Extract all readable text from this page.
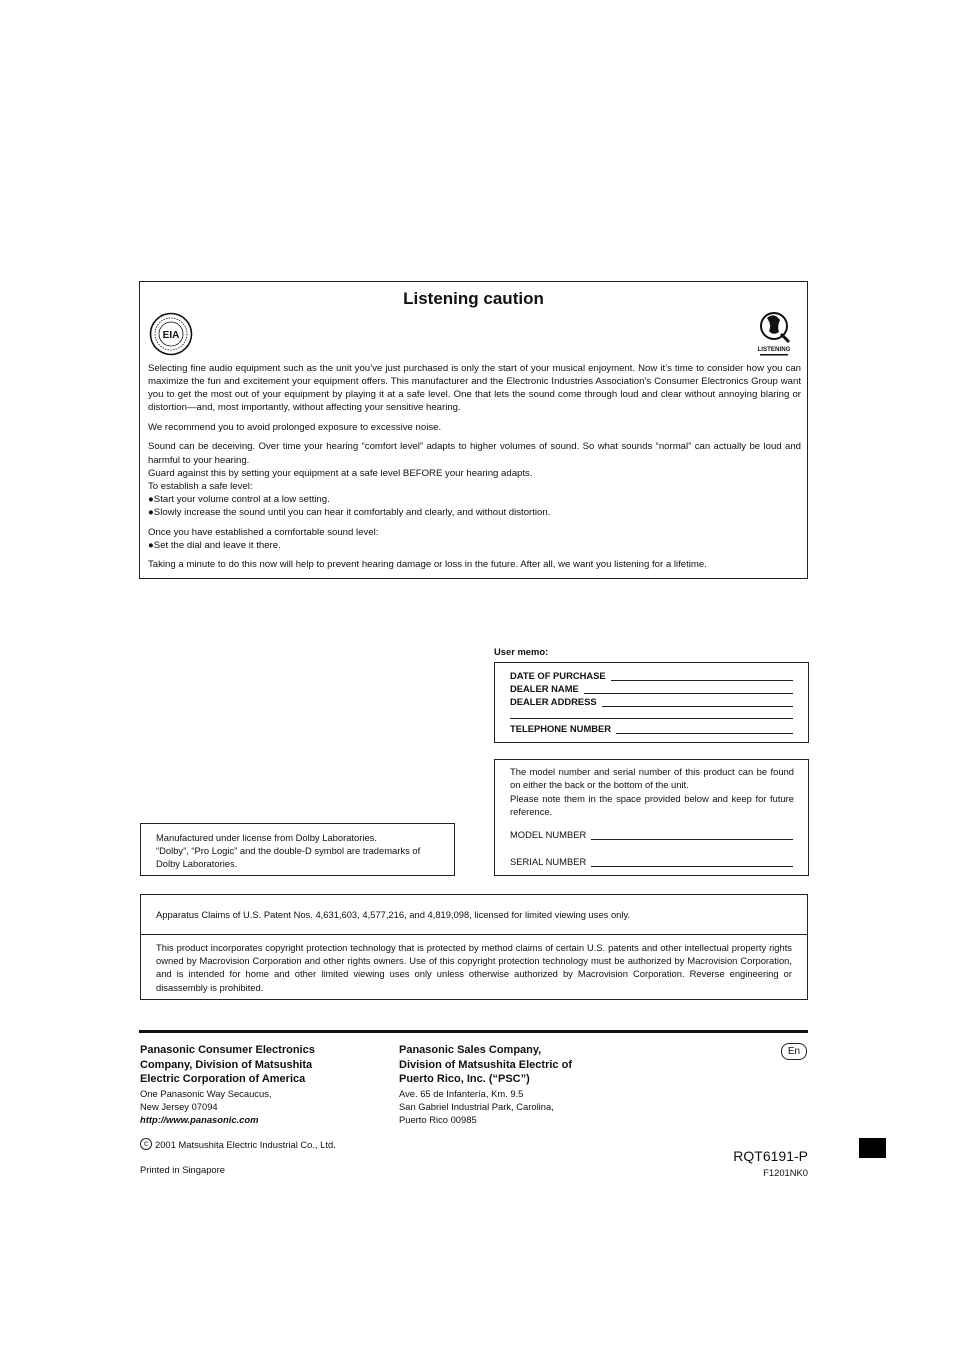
Listening caution
EIA
LISTENING

Selecting fine audio equipment such as the unit you’ve just purchased is only the start of your musical enjoyment. Now it’s time to consider how you can maximize the fun and excitement your equipment offers. This manufacturer and the Electronic Industries Association’s Consumer Electronics Group want you to get the most out of your equipment by playing it at a safe level. One that lets the sound come through loud and clear without annoying blaring or distortion—and, most importantly, without affecting your sensitive hearing.

We recommend you to avoid prolonged exposure to excessive noise.

Sound can be deceiving. Over time your hearing “comfort level” adapts to higher volumes of sound. So what sounds “normal” can actually be loud and harmful to your hearing.

Guard against this by setting your equipment at a safe level BEFORE your hearing adapts.

To establish a safe level:

●Start your volume control at a low setting.

●Slowly increase the sound until you can hear it comfortably and clearly, and without distortion.

Once you have established a comfortable sound level:

●Set the dial and leave it there.

Taking a minute to do this now will help to prevent hearing damage or loss in the future. After all, we want you listening for a lifetime.

User memo:
DATE OF PURCHASE
DEALER NAME
DEALER ADDRESS
TELEPHONE NUMBER

The model number and serial number of this product can be found on either the back or the bottom of the unit.

Please note them in the space provided below and keep for future reference.

MODEL NUMBER
SERIAL NUMBER

Manufactured under license from Dolby Laboratories.

“Dolby”, “Pro Logic” and the double-D symbol are trademarks of Dolby Laboratories.

Apparatus Claims of U.S. Patent Nos. 4,631,603, 4,577,216, and 4,819,098, licensed for limited viewing uses only.
This product incorporates copyright protection technology that is protected by method claims of certain U.S. patents and other intellectual property rights owned by Macrovision Corporation and other rights owners. Use of this copyright protection technology must be authorized by Macrovision Corporation, and is intended for home and other limited viewing uses only unless otherwise authorized by Macrovision Corporation. Reverse engineering or disassembly is prohibited.
Panasonic Consumer Electronics
Company, Division of Matsushita
Electric Corporation of America
One Panasonic Way Secaucus,
New Jersey 07094
http://www.panasonic.com
Panasonic Sales Company,
Division of Matsushita Electric of
Puerto Rico, Inc. (“PSC”)
Ave. 65 de Infantería, Km. 9.5
San Gabriel Industrial Park, Carolina,
Puerto Rico 00985
En
c 2001 Matsushita Electric Industrial Co., Ltd.
Printed in Singapore
RQT6191-P
F1201NK0
